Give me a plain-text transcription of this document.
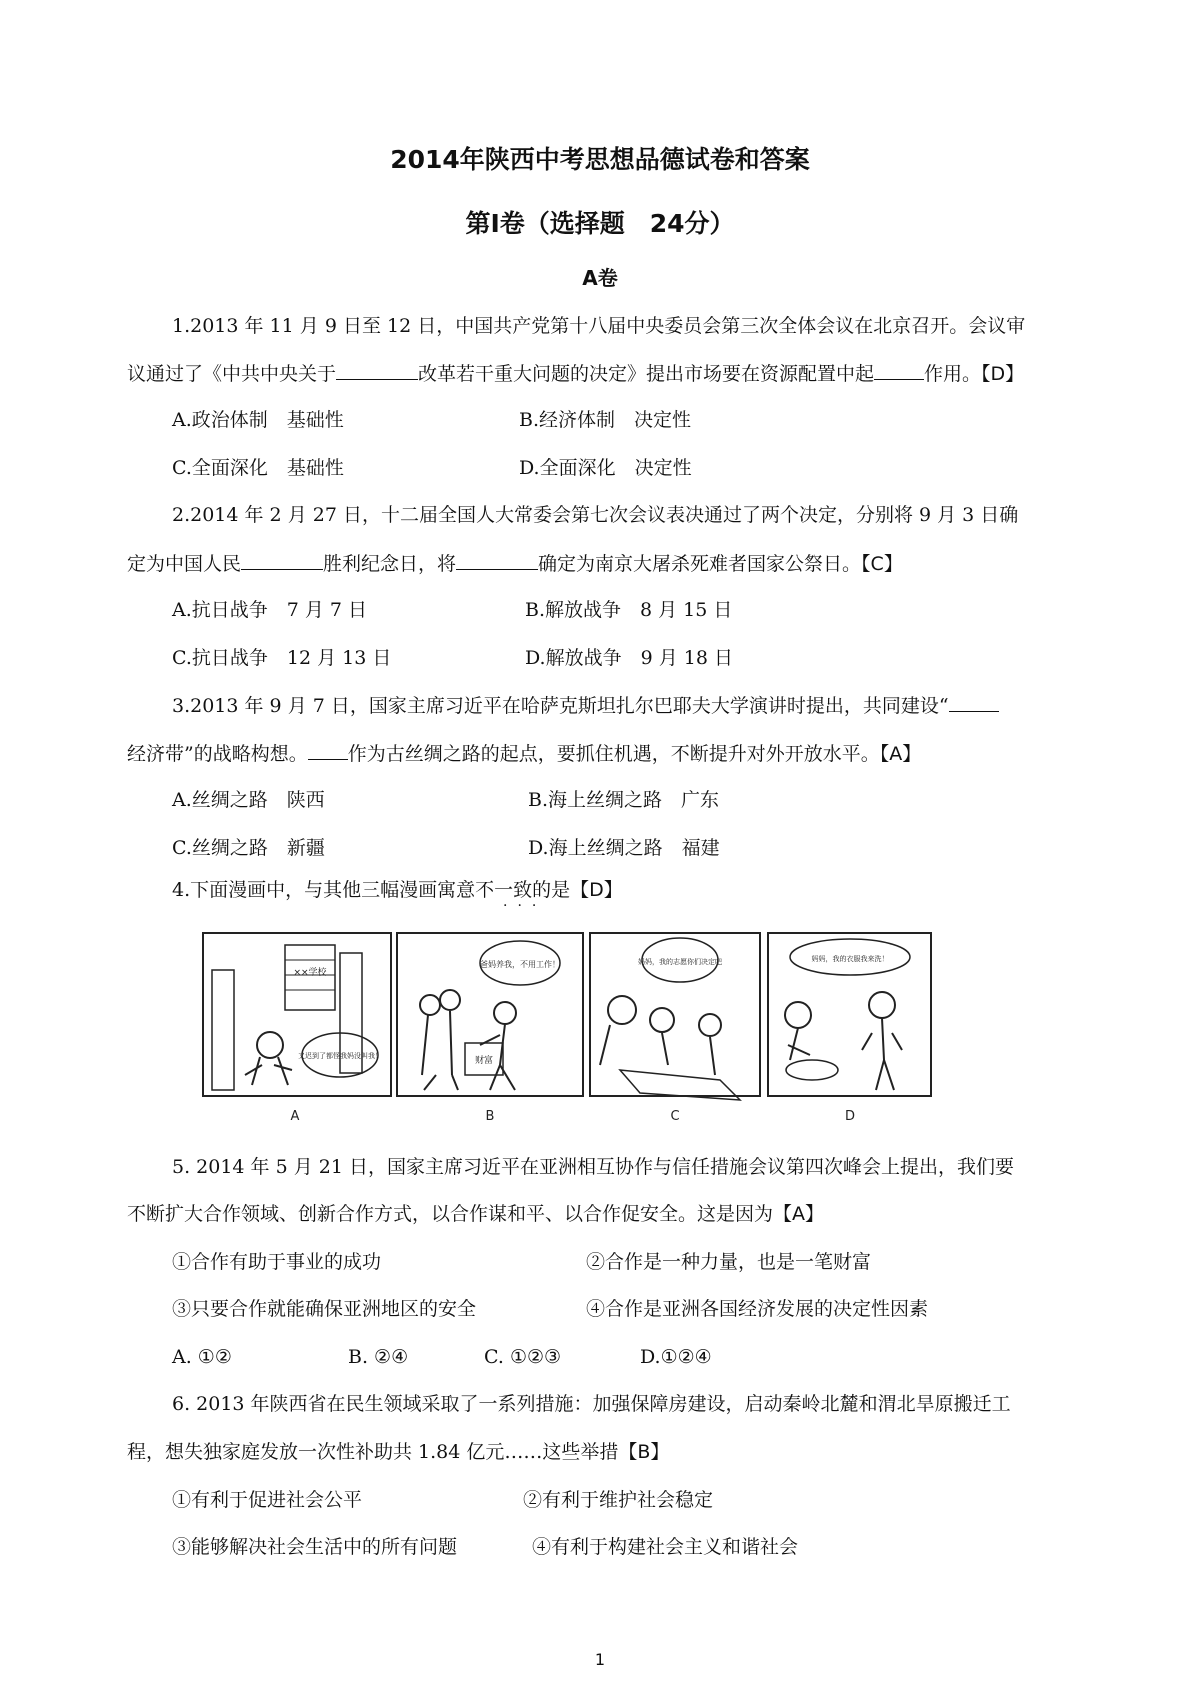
2014年陕西中考思想品德试卷和答案
第Ⅰ卷（选择题　24分）
A卷
1.2013 年 11 月 9 日至 12 日，中国共产党第十八届中央委员会第三次全体会议在北京召开。会议审
议通过了《中共中央关于	改革若干重大问题的决定》提出市场要在资源配置中起	作用。【D】
A.政治体制　基础性	B.经济体制　决定性
C.全面深化　基础性	D.全面深化　决定性
2.2014 年 2 月 27 日，十二届全国人大常委会第七次会议表决通过了两个决定，分别将 9 月 3 日确
定为中国人民	胜利纪念日，将	确定为南京大屠杀死难者国家公祭日。【C】
A.抗日战争　7 月 7 日	B.解放战争　8 月 15 日
C.抗日战争　12 月 13 日	D.解放战争　9 月 18 日
3.2013 年 9 月 7 日，国家主席习近平在哈萨克斯坦扎尔巴耶夫大学演讲时提出，共同建设“
经济带”的战略构想。 作为古丝绸之路的起点，要抓住机遇，不断提升对外开放水平。【A】
A.丝绸之路　陕西	B.海上丝绸之路　广东
C.丝绸之路　新疆	D.海上丝绸之路　福建
4.下面漫画中，与其他三幅漫画寓意不一致的是【D】
···
A	B	C	D
××学校
又迟到了都怪我妈没叫我！
爸妈养我，不用工作！
财富
妈妈，我的志愿你们决定吧	妈妈，我的衣服我来洗！
5. 2014 年 5 月 21 日，国家主席习近平在亚洲相互协作与信任措施会议第四次峰会上提出，我们要
不断扩大合作领域、创新合作方式，以合作谋和平、以合作促安全。这是因为【A】
①合作有助于事业的成功	②合作是一种力量，也是一笔财富
③只要合作就能确保亚洲地区的安全	④合作是亚洲各国经济发展的决定性因素
A. ①②	B. ②④	C. ①②③	D.①②④
6. 2013 年陕西省在民生领域采取了一系列措施：加强保障房建设，启动秦岭北麓和渭北旱原搬迁工
程，想失独家庭发放一次性补助共 1.84 亿元……这些举措【B】
①有利于促进社会公平	②有利于维护社会稳定
③能够解决社会生活中的所有问题	④有利于构建社会主义和谐社会
1
